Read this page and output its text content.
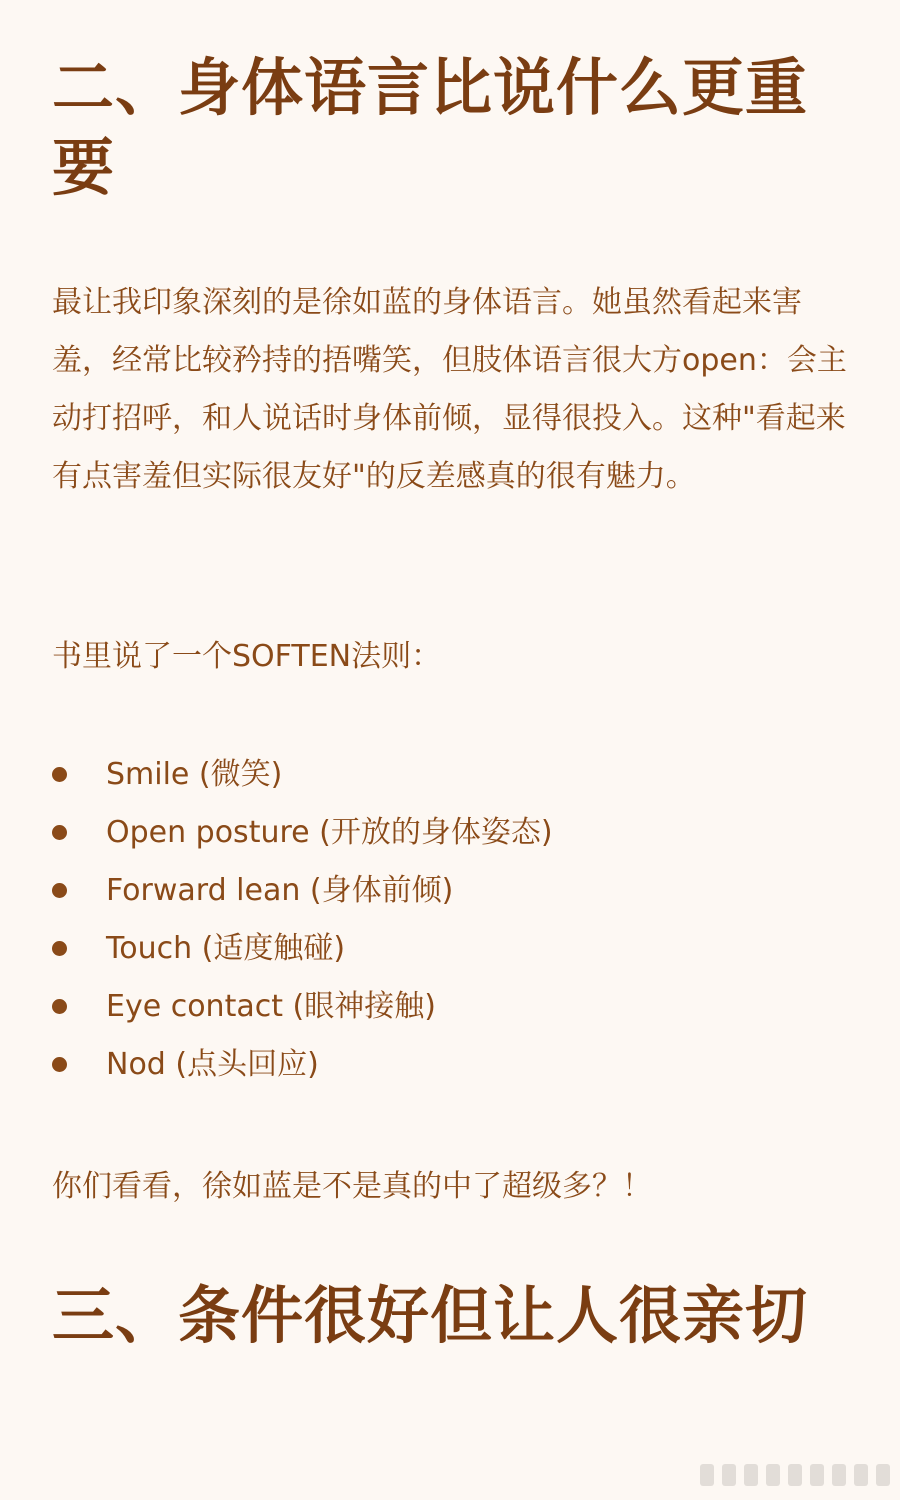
二、身体语言比说什么更重要

最让我印象深刻的是徐如蓝的身体语言。她虽然看起来害羞，经常比较矜持的捂嘴笑，但肢体语言很大方open：会主动打招呼，和人说话时身体前倾，显得很投入。这种"看起来有点害羞但实际很友好"的反差感真的很有魅力。

书里说了一个SOFTEN法则：

Smile (微笑)
Open posture (开放的身体姿态)
Forward lean (身体前倾)
Touch (适度触碰)
Eye contact (眼神接触)
Nod (点头回应)

你们看看，徐如蓝是不是真的中了超级多？！

三、条件很好但让人很亲切
